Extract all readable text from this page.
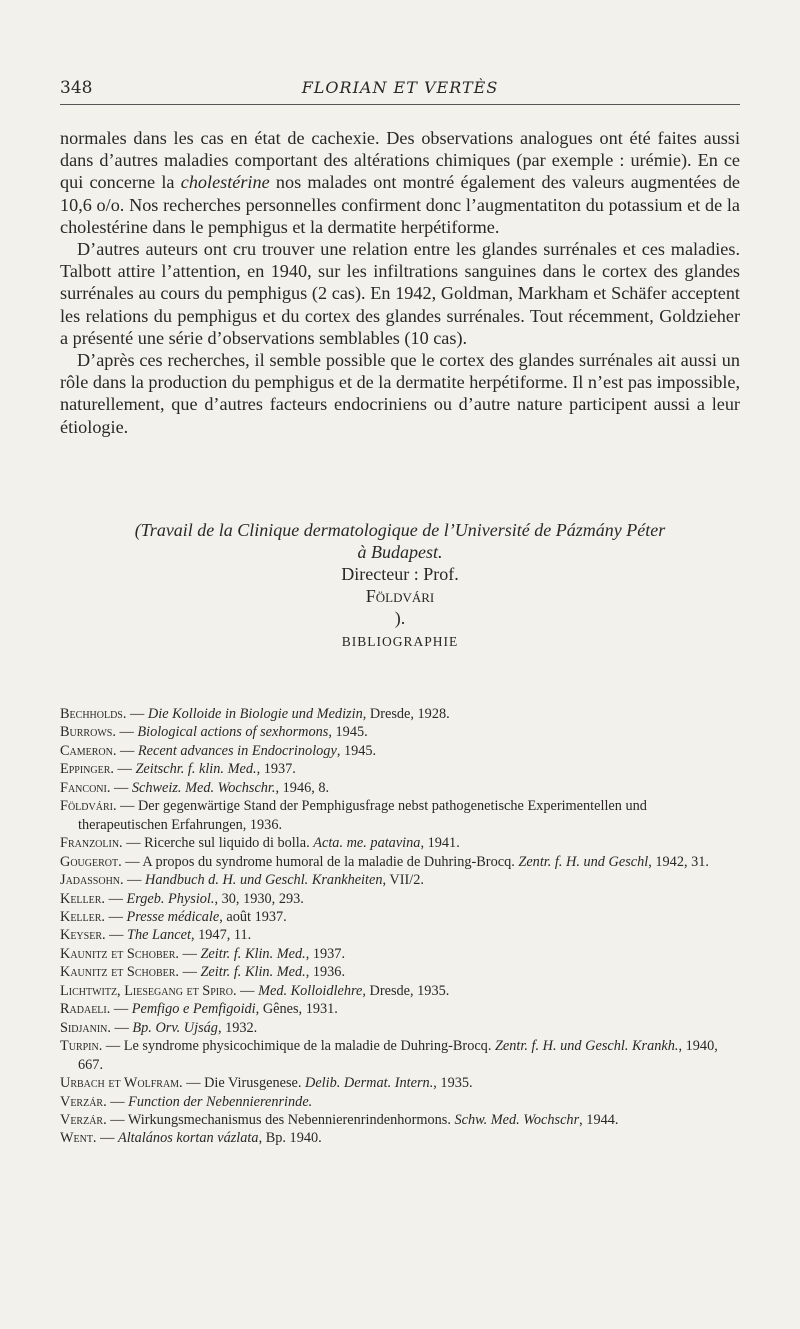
348	FLORIAN ET VERTÈS

normales dans les cas en état de cachexie. Des observations analogues ont été faites aussi dans d’autres maladies comportant des altérations chimiques (par exemple : urémie). En ce qui concerne la cholestérine nos malades ont montré également des valeurs augmentées de 10,6 o/o. Nos recherches personnelles confirment donc l’augmentatiton du potassium et de la cholestérine dans le pemphigus et la dermatite herpétiforme.

D’autres auteurs ont cru trouver une relation entre les glandes surrénales et ces maladies. Talbott attire l’attention, en 1940, sur les infiltrations sanguines dans le cortex des glandes surrénales au cours du pemphigus (2 cas). En 1942, Goldman, Markham et Schäfer acceptent les relations du pemphigus et du cortex des glandes surrénales. Tout récemment, Goldzieher a présenté une série d’observations semblables (10 cas).

D’après ces recherches, il semble possible que le cortex des glandes surrénales ait aussi un rôle dans la production du pemphigus et de la dermatite herpétiforme. Il n’est pas impossible, naturellement, que d’autres facteurs endocriniens ou d’autre nature participent aussi a leur étiologie.

(Travail de la Clinique dermatologique de l’Université de Pázmány Péter
à Budapest.
Directeur : Prof.
Földvári
).
BIBLIOGRAPHIE
Bechholds. — Die Kolloide in Biologie und Medizin, Dresde, 1928.
Burrows. — Biological actions of sexhormons, 1945.
Cameron. — Recent advances in Endocrinology, 1945.
Eppinger. — Zeitschr. f. klin. Med., 1937.
Fanconi. — Schweiz. Med. Wochschr., 1946, 8.
Földvári. — Der gegenwärtige Stand der Pemphigusfrage nebst pathogenetische Experimentellen und therapeutischen Erfahrungen, 1936.
Franzolin. — Ricerche sul liquido di bolla. Acta. me. patavina, 1941.
Gougerot. — A propos du syndrome humoral de la maladie de Duhring-Brocq. Zentr. f. H. und Geschl, 1942, 31.
Jadassohn. — Handbuch d. H. und Geschl. Krankheiten, VII/2.
Keller. — Ergeb. Physiol., 30, 1930, 293.
Keller. — Presse médicale, août 1937.
Keyser. — The Lancet, 1947, 11.
Kaunitz et Schober. — Zeitr. f. Klin. Med., 1937.
Kaunitz et Schober. — Zeitr. f. Klin. Med., 1936.
Lichtwitz, Liesegang et Spiro. — Med. Kolloidlehre, Dresde, 1935.
Radaeli. — Pemfigo e Pemfigoidi, Gênes, 1931.
Sidjanin. — Bp. Orv. Ujság, 1932.
Turpin. — Le syndrome physicochimique de la maladie de Duhring-Brocq. Zentr. f. H. und Geschl. Krankh., 1940, 667.
Urbach et Wolfram. — Die Virusgenese. Delib. Dermat. Intern., 1935.
Verzár. — Function der Nebennierenrinde.
Verzár. — Wirkungsmechanismus des Nebennierenrindenhormons. Schw. Med. Wochschr, 1944.
Went. — Altalános kortan vázlata, Bp. 1940.
